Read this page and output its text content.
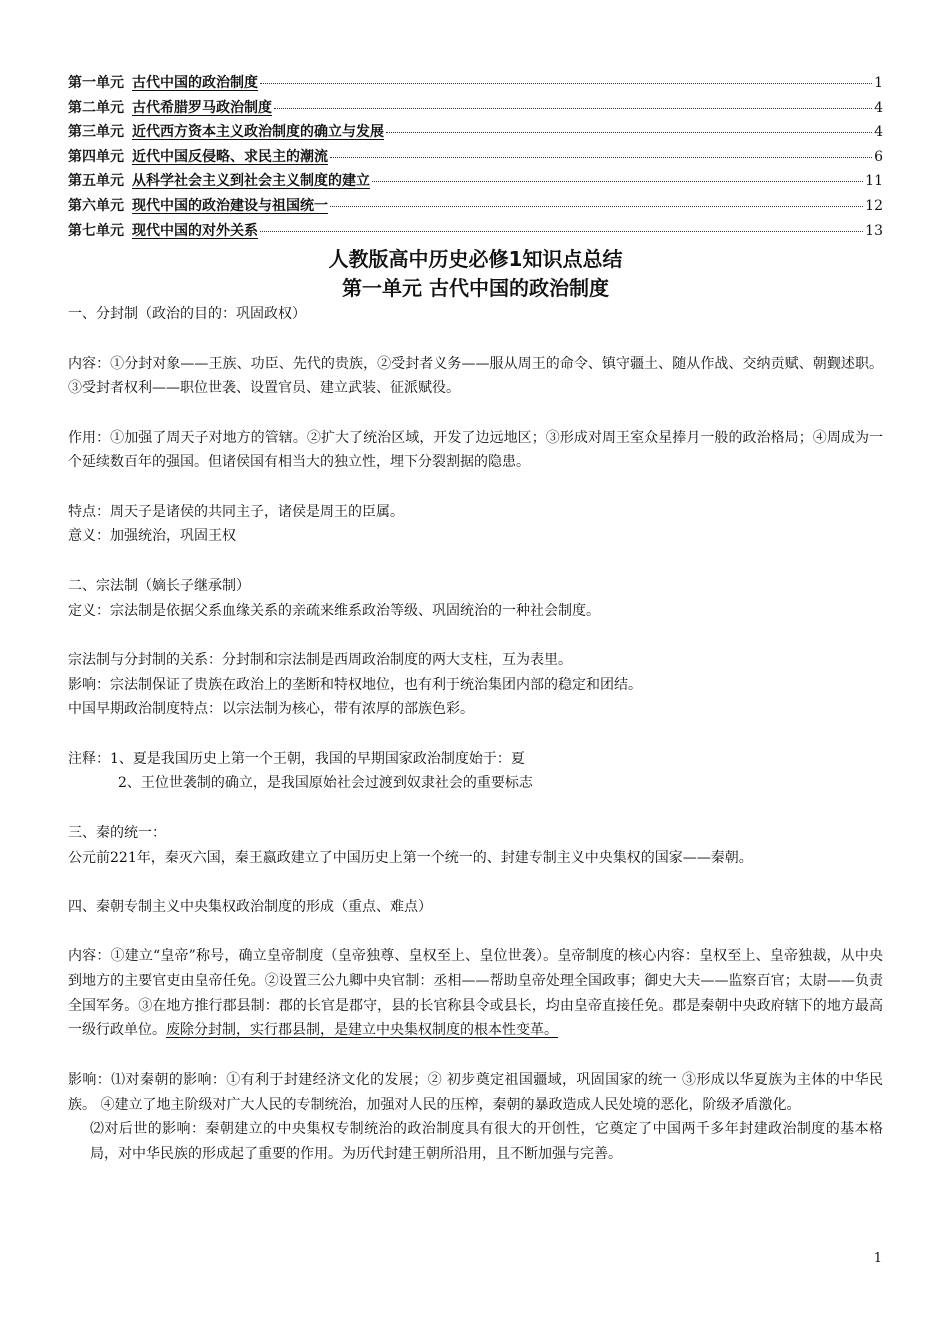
第一单元 古代中国的政治制度	1
第二单元 古代希腊罗马政治制度	4
第三单元 近代西方资本主义政治制度的确立与发展	4
第四单元 近代中国反侵略、求民主的潮流	6
第五单元 从科学社会主义到社会主义制度的建立	11
第六单元 现代中国的政治建设与祖国统一	12
第七单元 现代中国的对外关系	13
人教版高中历史必修1知识点总结
第一单元 古代中国的政治制度

一、分封制（政治的目的：巩固政权）

内容：①分封对象——王族、功臣、先代的贵族，②受封者义务——服从周王的命令、镇守疆土、随从作战、交纳贡赋、朝觐述职。③受封者权利——职位世袭、设置官员、建立武装、征派赋役。

作用：①加强了周天子对地方的管辖。②扩大了统治区域，开发了边远地区；③形成对周王室众星捧月一般的政治格局；④周成为一个延续数百年的强国。但诸侯国有相当大的独立性，埋下分裂割据的隐患。

特点：周天子是诸侯的共同主子，诸侯是周王的臣属。

意义：加强统治，巩固王权

二、宗法制（嫡长子继承制）

定义：宗法制是依据父系血缘关系的亲疏来维系政治等级、巩固统治的一种社会制度。

宗法制与分封制的关系：分封制和宗法制是西周政治制度的两大支柱，互为表里。

影响：宗法制保证了贵族在政治上的垄断和特权地位，也有利于统治集团内部的稳定和团结。

中国早期政治制度特点：以宗法制为核心，带有浓厚的部族色彩。

注释：1、夏是我国历史上第一个王朝，我国的早期国家政治制度始于：夏

2、王位世袭制的确立，是我国原始社会过渡到奴隶社会的重要标志

三、秦的统一：

公元前221年，秦灭六国，秦王嬴政建立了中国历史上第一个统一的、封建专制主义中央集权的国家——秦朝。

四、秦朝专制主义中央集权政治制度的形成（重点、难点）

内容：①建立“皇帝”称号，确立皇帝制度（皇帝独尊、皇权至上、皇位世袭）。皇帝制度的核心内容：皇权至上、皇帝独裁，从中央到地方的主要官吏由皇帝任免。②设置三公九卿中央官制：丞相——帮助皇帝处理全国政事；御史大夫——监察百官；太尉——负责全国军务。③在地方推行郡县制：郡的长官是郡守，县的长官称县令或县长，均由皇帝直接任免。郡是秦朝中央政府辖下的地方最高一级行政单位。废除分封制，实行郡县制，是建立中央集权制度的根本性变革。

影响：⑴对秦朝的影响：①有利于封建经济文化的发展；② 初步奠定祖国疆域，巩固国家的统一 ③形成以华夏族为主体的中华民族。 ④建立了地主阶级对广大人民的专制统治，加强对人民的压榨，秦朝的暴政造成人民处境的恶化，阶级矛盾激化。

⑵对后世的影响：秦朝建立的中央集权专制统治的政治制度具有很大的开创性，它奠定了中国两千多年封建政治制度的基本格局，对中华民族的形成起了重要的作用。为历代封建王朝所沿用，且不断加强与完善。

1
